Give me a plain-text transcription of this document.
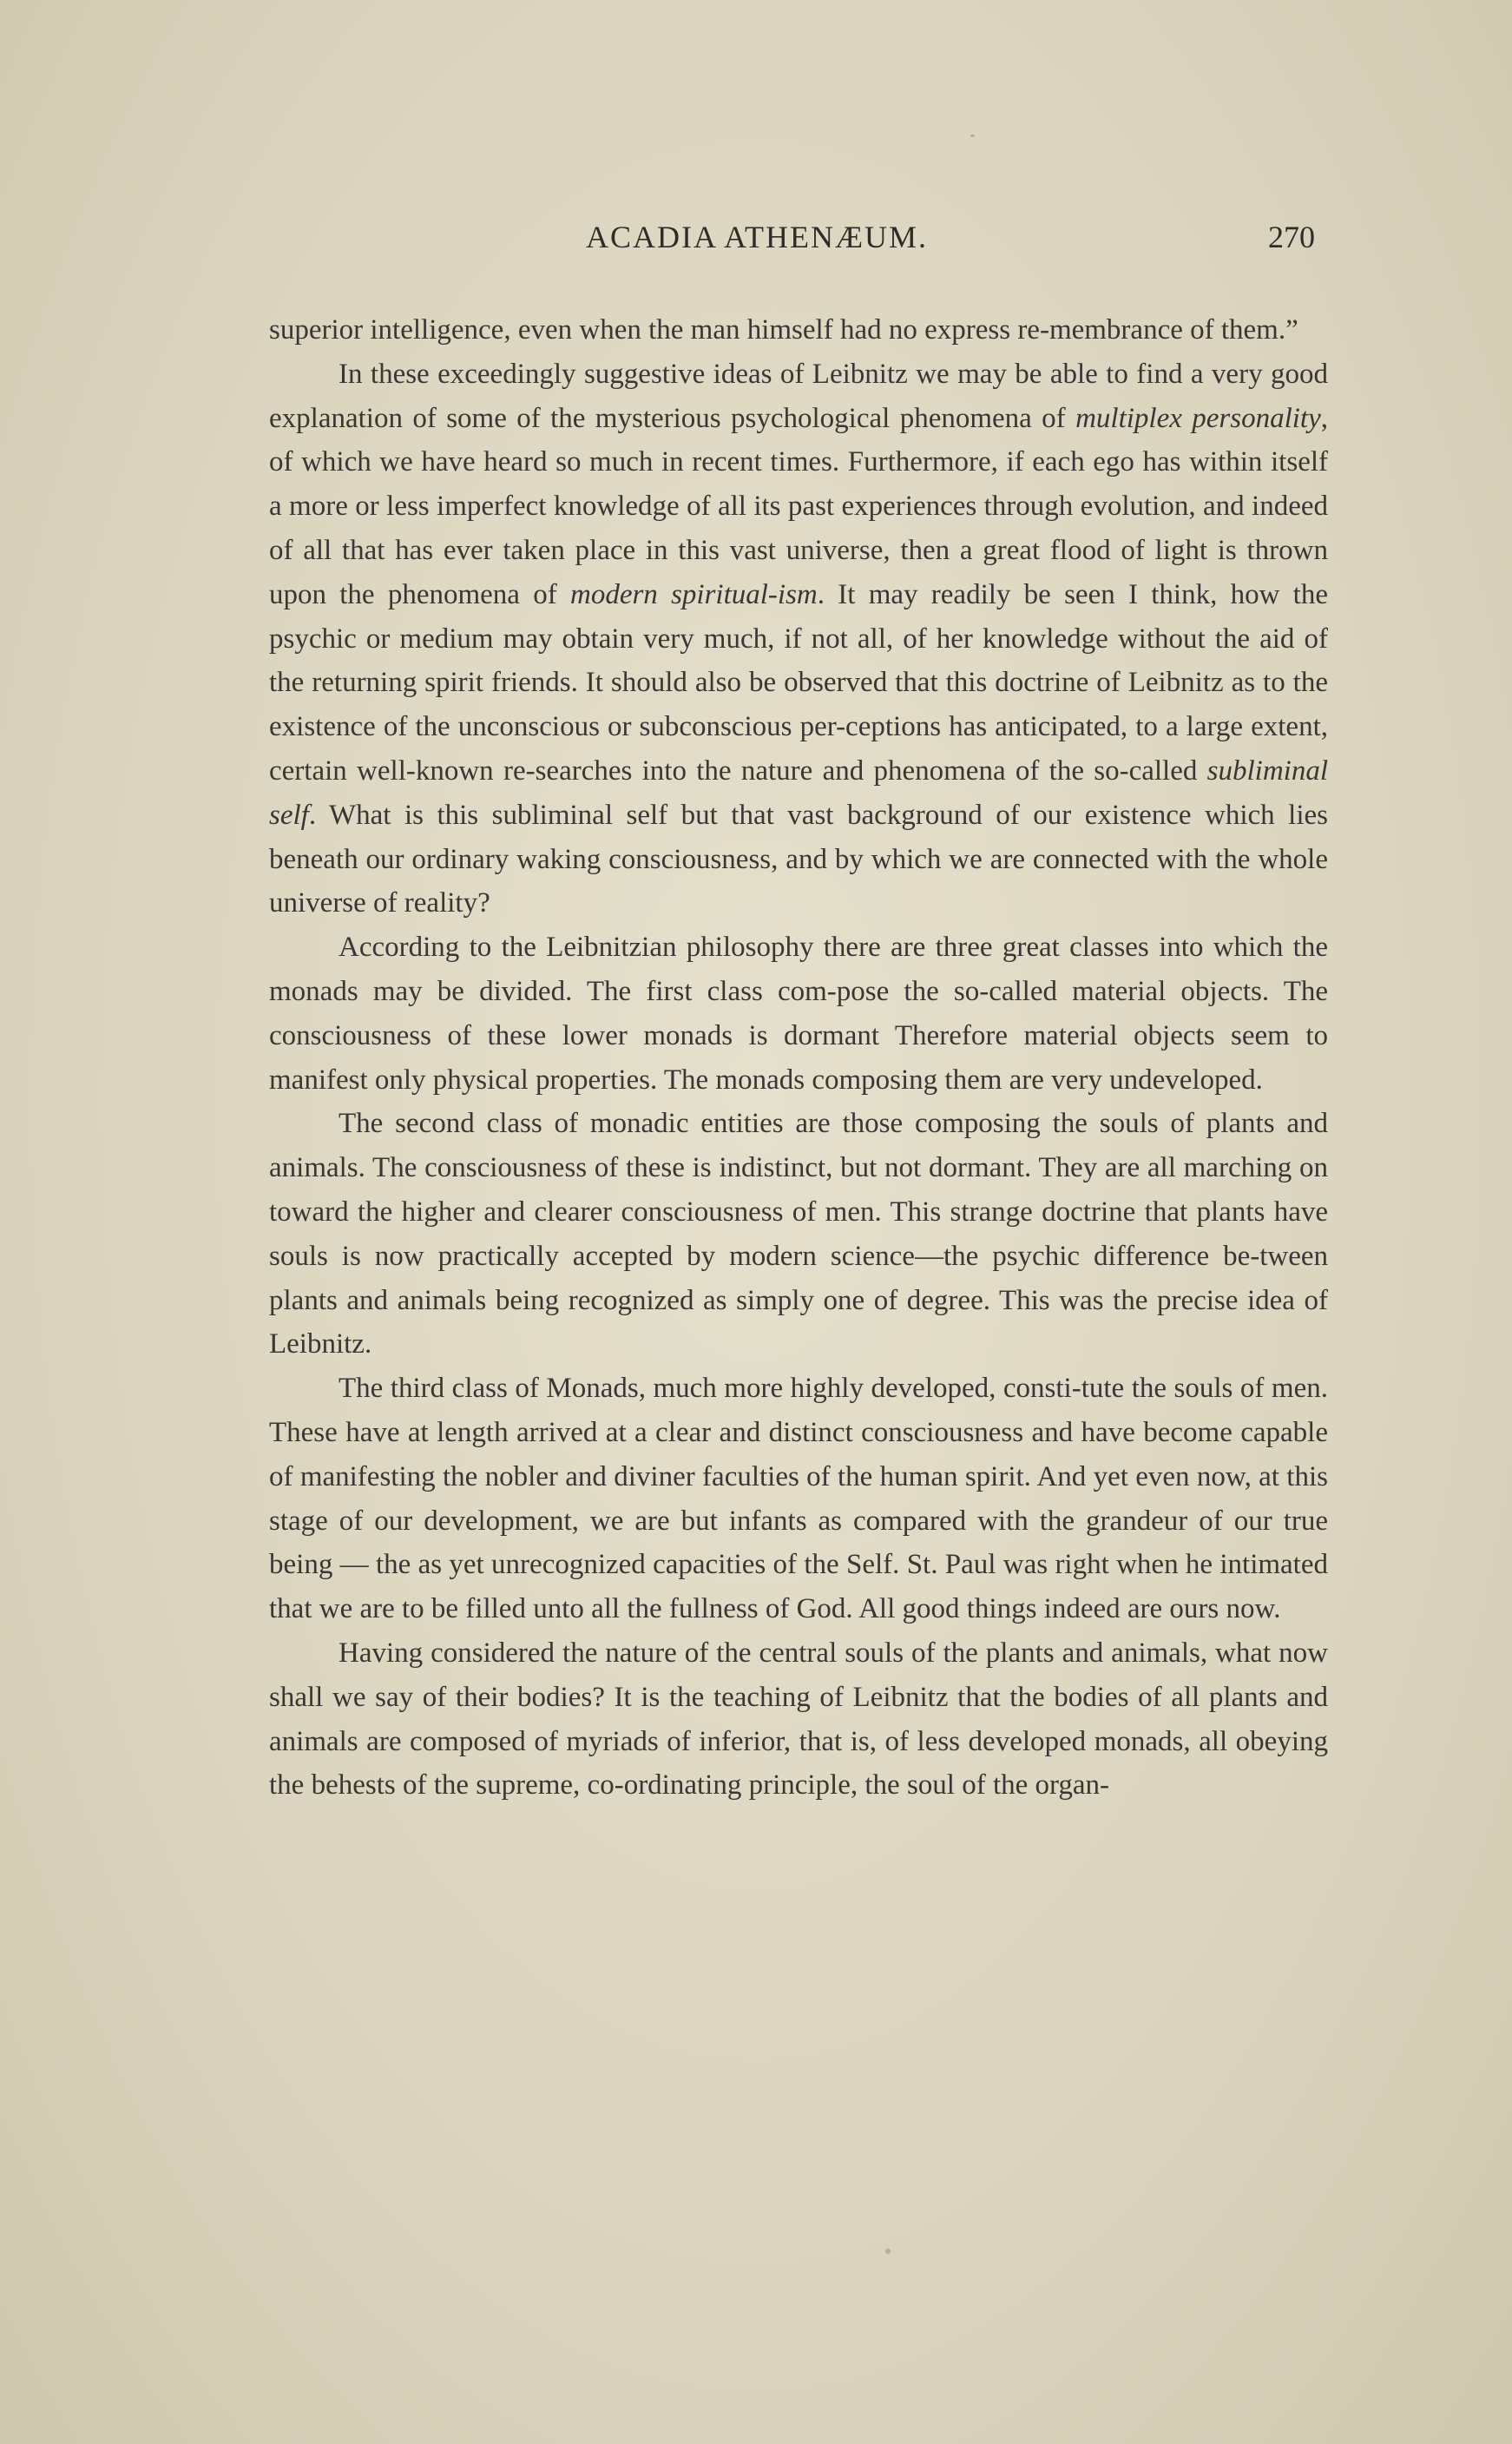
ACADIA ATHENÆUM.	270

superior intelligence, even when the man himself had no express re-membrance of them.”

In these exceedingly suggestive ideas of Leibnitz we may be able to find a very good explanation of some of the mysterious psychological phenomena of multiplex personality, of which we have heard so much in recent times. Furthermore, if each ego has within itself a more or less imperfect knowledge of all its past experiences through evolution, and indeed of all that has ever taken place in this vast universe, then a great flood of light is thrown upon the phenomena of modern spiritual-ism. It may readily be seen I think, how the psychic or medium may obtain very much, if not all, of her knowledge without the aid of the returning spirit friends. It should also be observed that this doctrine of Leibnitz as to the existence of the unconscious or subconscious per-ceptions has anticipated, to a large extent, certain well-known re-searches into the nature and phenomena of the so-called subliminal self. What is this subliminal self but that vast background of our existence which lies beneath our ordinary waking consciousness, and by which we are connected with the whole universe of reality?

According to the Leibnitzian philosophy there are three great classes into which the monads may be divided. The first class com-pose the so-called material objects. The consciousness of these lower monads is dormant Therefore material objects seem to manifest only physical properties. The monads composing them are very undeveloped.

The second class of monadic entities are those composing the souls of plants and animals. The consciousness of these is indistinct, but not dormant. They are all marching on toward the higher and clearer consciousness of men. This strange doctrine that plants have souls is now practically accepted by modern science—the psychic difference be-tween plants and animals being recognized as simply one of degree. This was the precise idea of Leibnitz.

The third class of Monads, much more highly developed, consti-tute the souls of men. These have at length arrived at a clear and distinct consciousness and have become capable of manifesting the nobler and diviner faculties of the human spirit. And yet even now, at this stage of our development, we are but infants as compared with the grandeur of our true being — the as yet unrecognized capacities of the Self. St. Paul was right when he intimated that we are to be filled unto all the fullness of God. All good things indeed are ours now.

Having considered the nature of the central souls of the plants and animals, what now shall we say of their bodies? It is the teaching of Leibnitz that the bodies of all plants and animals are composed of myriads of inferior, that is, of less developed monads, all obeying the behests of the supreme, co-ordinating principle, the soul of the organ-
